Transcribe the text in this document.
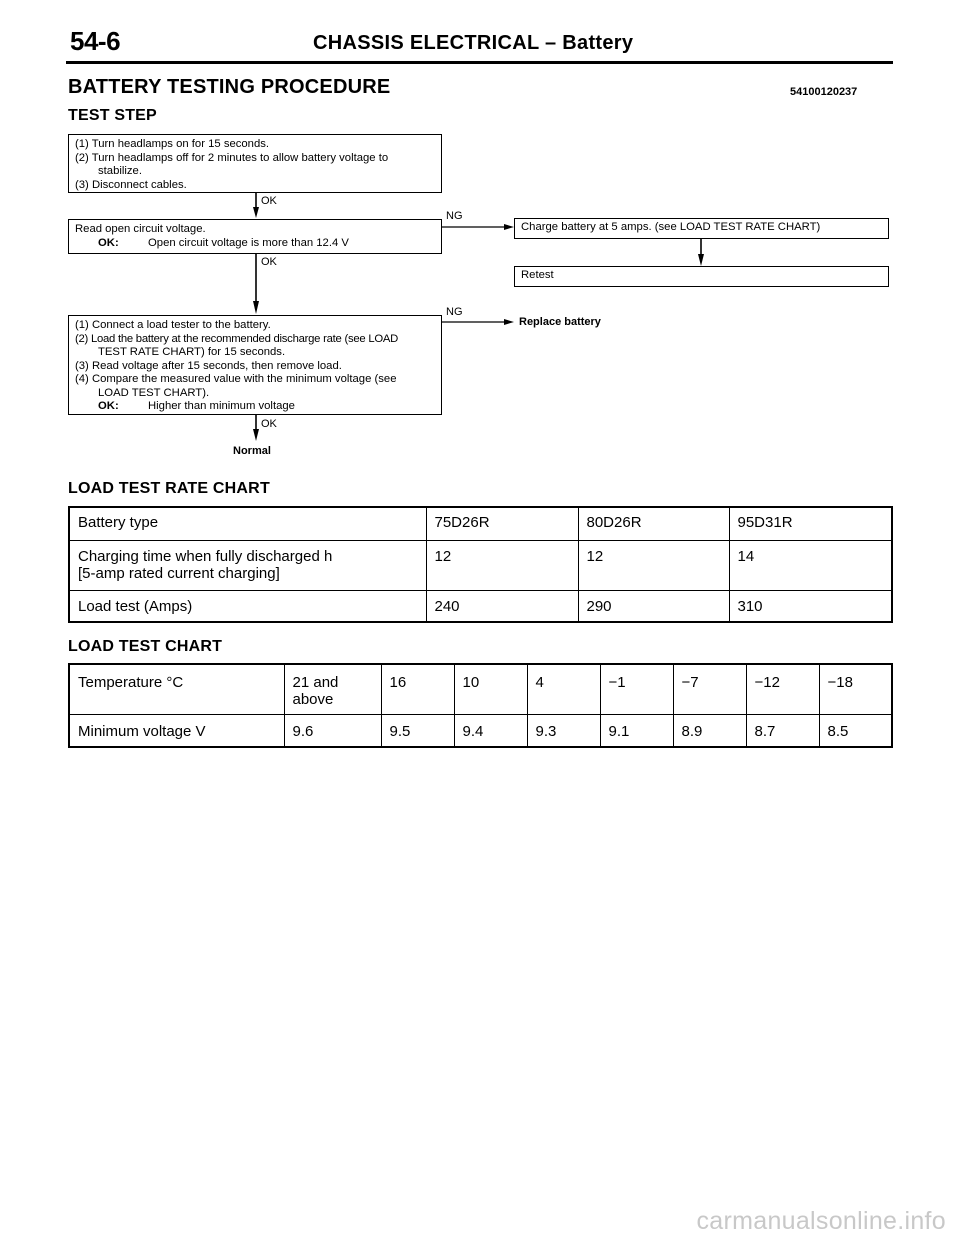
54-6	CHASSIS ELECTRICAL – Battery
BATTERY TESTING PROCEDURE	54100120237
TEST STEP

(1) Turn headlamps on for 15 seconds.

(2) Turn headlamps off for 2 minutes to allow battery voltage to

stabilize.

(3) Disconnect cables.

OK

Read open circuit voltage.

OK:	Open circuit voltage is more than 12.4 V

NG

Charge battery at 5 amps. (see LOAD TEST RATE CHART)

Retest

OK

(1) Connect a load tester to the battery.

(2) Load the battery at the recommended discharge rate (see LOAD

TEST RATE CHART) for 15 seconds.

(3) Read voltage after 15 seconds, then remove load.

(4) Compare the measured value with the minimum voltage (see

LOAD TEST CHART).

OK:	Higher than minimum voltage

NG
Replace battery
OK
Normal
LOAD TEST RATE CHART
Battery type	75D26R	80D26R	95D31R

Charging time when fully discharged h
[5-amp rated current charging]	12	12	14
Load test (Amps)	240	290	310
LOAD TEST CHART
Temperature °C	21 and
above	16	10	4	−1	−7	−12	−18
Minimum voltage V	9.6	9.5	9.4	9.3	9.1	8.9	8.7	8.5
carmanualsonline.info
